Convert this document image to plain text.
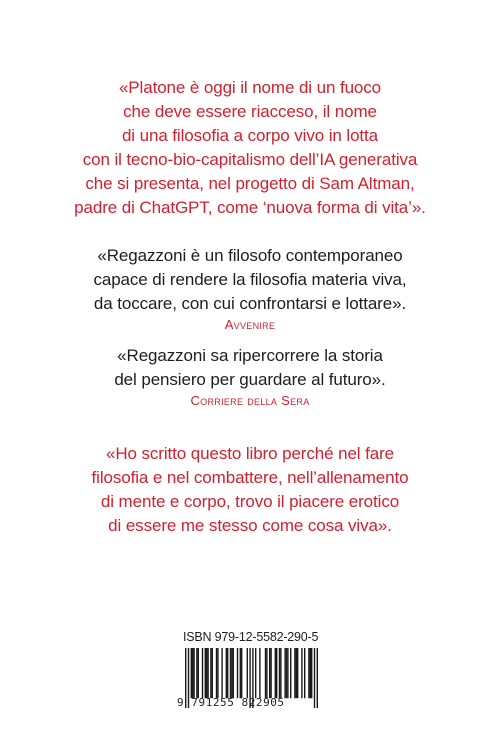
«Platone è oggi il nome di un fuoco
che deve essere riacceso, il nome
di una filosofia a corpo vivo in lotta
con il tecno-bio-capitalismo dell’IA generativa
che si presenta, nel progetto di Sam Altman,
padre di ChatGPT, come ‘nuova forma di vita’».
«Regazzoni è un filosofo contemporaneo
capace di rendere la filosofia materia viva,
da toccare, con cui confrontarsi e lottare».
Avvenire
«Regazzoni sa ripercorrere la storia
del pensiero per guardare al futuro».
Corriere della Sera
«Ho scritto questo libro perché nel fare
filosofia e nel combattere, nell’allenamento
di mente e corpo, trovo il piacere erotico
di essere me stesso come cosa viva».
ISBN 979-12-5582-290-5
9 791255 822905
